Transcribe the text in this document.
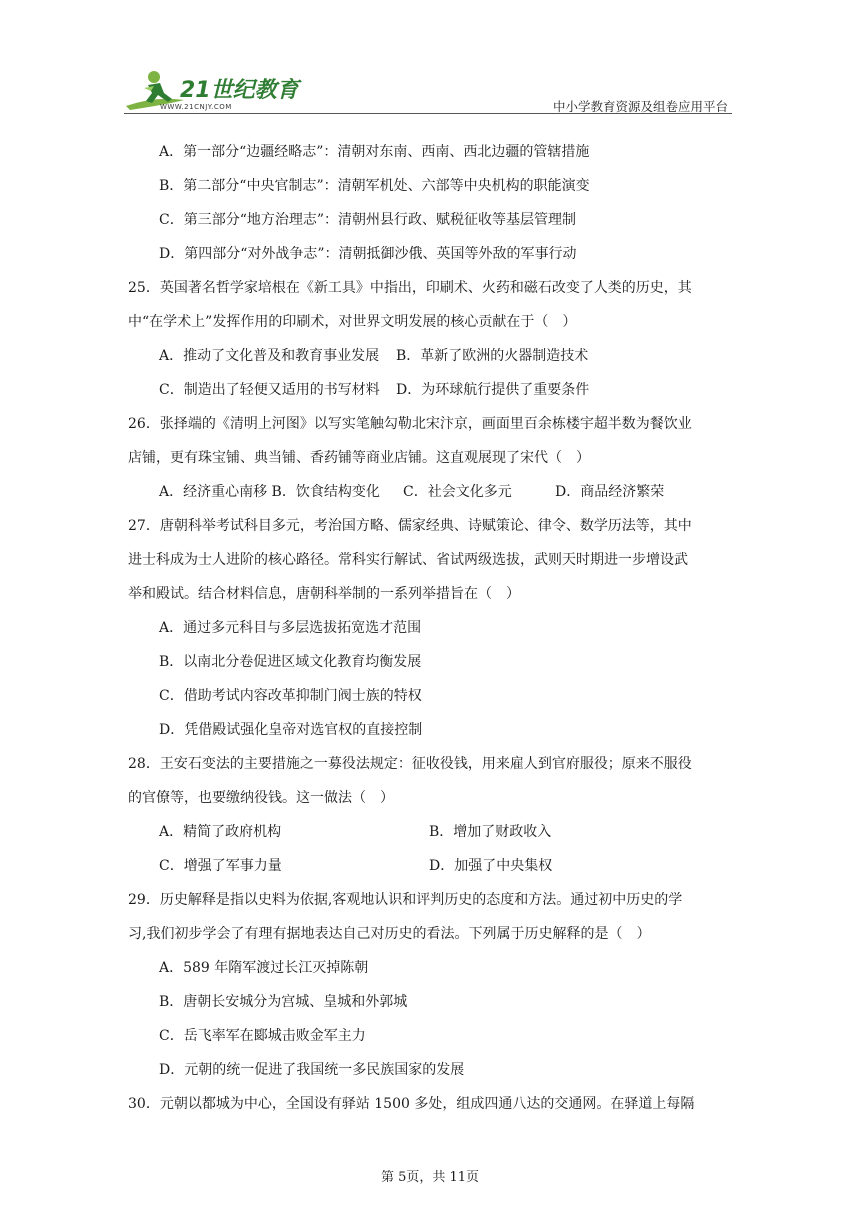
21世纪教育
WWW.21CNJY.COM	中小学教育资源及组卷应用平台
A．第一部分“边疆经略志”：清朝对东南、西南、西北边疆的管辖措施
B．第二部分“中央官制志”：清朝军机处、六部等中央机构的职能演变
C．第三部分“地方治理志”：清朝州县行政、赋税征收等基层管理制
D．第四部分“对外战争志”：清朝抵御沙俄、英国等外敌的军事行动
25．英国著名哲学家培根在《新工具》中指出，印刷术、火药和磁石改变了人类的历史，其
中“在学术上”发挥作用的印刷术，对世界文明发展的核心贡献在于（　）
A．推动了文化普及和教育事业发展	B．革新了欧洲的火器制造技术
C．制造出了轻便又适用的书写材料	D．为环球航行提供了重要条件
26．张择端的《清明上河图》以写实笔触勾勒北宋汴京，画面里百余栋楼宇超半数为餐饮业
店铺，更有珠宝铺、典当铺、香药铺等商业店铺。这直观展现了宋代（　）
A．经济重心南移 B．饮食结构变化	C．社会文化多元	D．商品经济繁荣
27．唐朝科举考试科目多元，考治国方略、儒家经典、诗赋策论、律令、数学历法等，其中
进士科成为士人进阶的核心路径。常科实行解试、省试两级选拔，武则天时期进一步增设武
举和殿试。结合材料信息，唐朝科举制的一系列举措旨在（　）
A．通过多元科目与多层选拔拓宽选才范围
B．以南北分卷促进区域文化教育均衡发展
C．借助考试内容改革抑制门阀士族的特权
D．凭借殿试强化皇帝对选官权的直接控制
28．王安石变法的主要措施之一募役法规定：征收役钱，用来雇人到官府服役；原来不服役
的官僚等，也要缴纳役钱。这一做法（　）
A．精简了政府机构	B．增加了财政收入
C．增强了军事力量	D．加强了中央集权
29．历史解释是指以史料为依据,客观地认识和评判历史的态度和方法。通过初中历史的学
习,我们初步学会了有理有据地表达自己对历史的看法。下列属于历史解释的是（　）
A．589 年隋军渡过长江灭掉陈朝
B．唐朝长安城分为宫城、皇城和外郭城
C．岳飞率军在郾城击败金军主力
D．元朝的统一促进了我国统一多民族国家的发展
30．元朝以都城为中心，全国设有驿站 1500 多处，组成四通八达的交通网。在驿道上每隔
第 5页，共 11页
